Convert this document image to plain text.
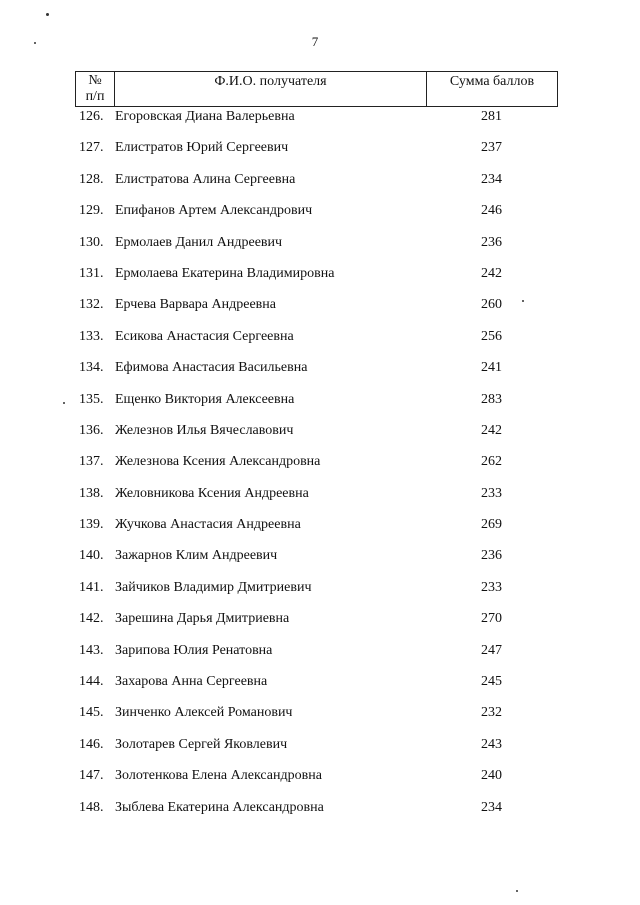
7
№
п/п
Ф.И.О. получателя	Сумма баллов
126. Егоровская Диана Валерьевна	281
127. Елистратов Юрий Сергеевич	237
128. Елистратова Алина Сергеевна	234
129. Епифанов Артем Александрович	246
130. Ермолаев Данил Андреевич	236
131. Ермолаева Екатерина Владимировна	242
132. Ерчева Варвара Андреевна	260
133. Есикова Анастасия Сергеевна	256
134. Ефимова Анастасия Васильевна	241
135. Ещенко Виктория Алексеевна	283
136. Железнов Илья Вячеславович	242
137. Железнова Ксения Александровна	262
138. Желовникова Ксения Андреевна	233
139. Жучкова Анастасия Андреевна	269
140. Зажарнов Клим Андреевич	236
141. Зайчиков Владимир Дмитриевич	233
142. Зарешина Дарья Дмитриевна	270
143. Зарипова Юлия Ренатовна	247
144. Захарова Анна Сергеевна	245
145. Зинченко Алексей Романович	232
146. Золотарев Сергей Яковлевич	243
147. Золотенкова Елена Александровна	240
148. Зыблева Екатерина Александровна	234
